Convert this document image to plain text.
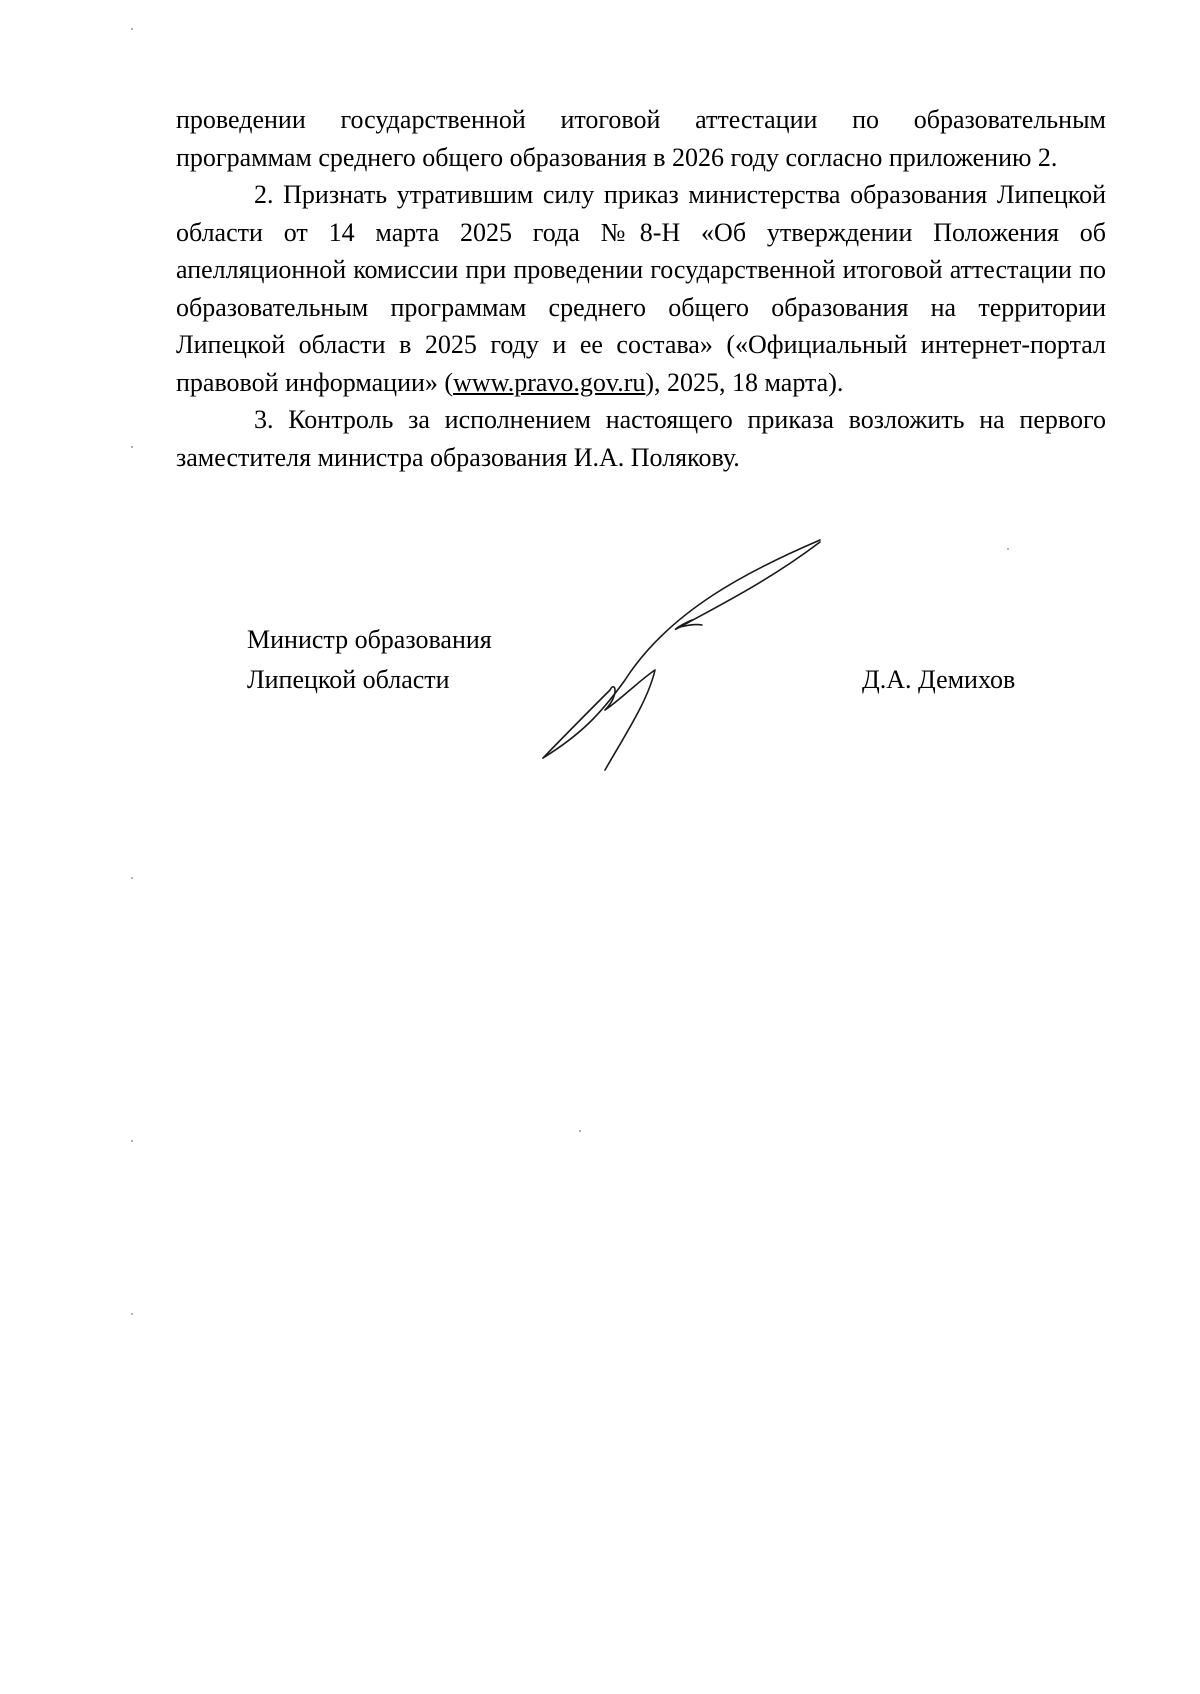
проведении государственной итоговой аттестации по образовательным программам среднего общего образования в 2026 году согласно приложению 2.

2. Признать утратившим силу приказ министерства образования Липецкой области от 14 марта 2025 года №8-Н «Об утверждении Положения об апелляционной комиссии при проведении государственной итоговой аттестации по образовательным программам среднего общего образования на территории Липецкой области в 2025 году и ее состава» («Официальный интернет-портал правовой информации» (www.pravo.gov.ru), 2025, 18 марта).

3. Контроль за исполнением настоящего приказа возложить на первого заместителя министра образования И.А. Полякову.

Министр образования
Липецкой области	Д.А. Демихов
